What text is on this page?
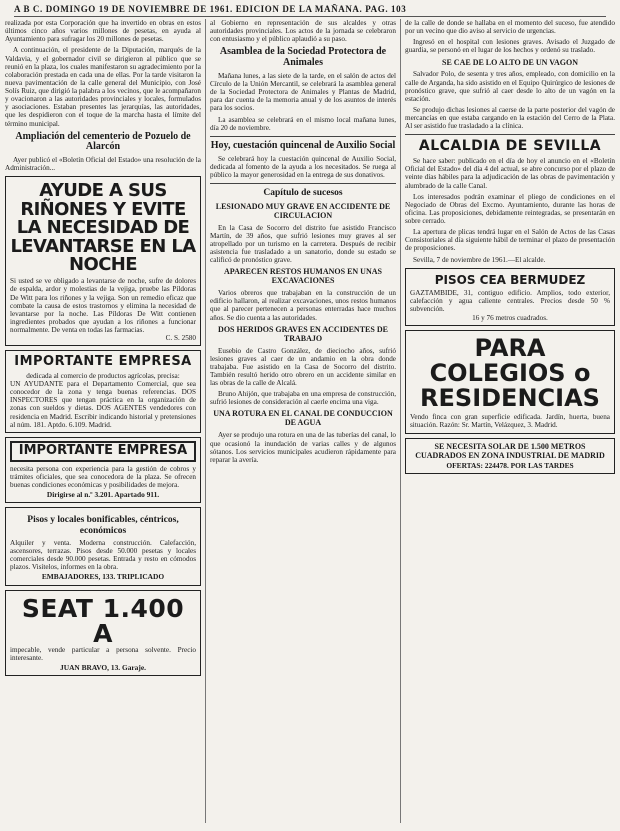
A B C. DOMINGO 19 DE NOVIEMBRE DE 1961. EDICION DE LA MAÑANA. PAG. 103

realizada por esta Corporación que ha invertido en obras en estos últimos cinco años varios millones de pesetas, en ayuda al Ayuntamiento para sufragar los 20 millones de pesetas.

A continuación, el presidente de la Diputación, marqués de la Valdavia, y el gobernador civil se dirigieron al público que se reunió en la plaza, los cuales manifestaron su agradecimiento por la colaboración prestada en cada una de ellas. Por la tarde visitaron la nueva pavimentación de la calle general del Municipio, con José Solís Ruiz, que dirigió la palabra a los vecinos, que le acompañaron y ovacionaron a las autoridades provinciales y locales, formulados y asociaciones. Estaban presentes las jerarquías, las autoridades, que les despidieron con el toque de la marcha hasta el límite del término municipal.

Ampliación del cementerio de Pozuelo de Alarcón

Ayer publicó el «Boletín Oficial del Estado» una resolución de la Administración...

AYUDE A SUS RIÑONES Y EVITE LA NECESIDAD DE LEVANTARSE EN LA NOCHE
Si usted se ve obligado a levantarse de noche, sufre de dolores de espalda, ardor y molestias de la vejiga, pruebe las Píldoras De Witt para los riñones y la vejiga. Son un remedio eficaz que combate la causa de estos trastornos y elimina la necesidad de levantarse por la noche. Las Píldoras De Witt contienen ingredientes probados que ayudan a los riñones a funcionar normalmente. De venta en todas las farmacias.
C. S. 2580
IMPORTANTE EMPRESA
dedicada al comercio de productos agrícolas, precisa:
UN AYUDANTE para el Departamento Comercial, que sea conocedor de la zona y tenga buenas referencias. DOS INSPECTORES que tengan práctica en la organización de zonas con sueldos y dietas. DOS AGENTES vendedores con residencia en Madrid. Escribir indicando historial y pretensiones al núm. 181. Aptdo. 6.109. Madrid.
IMPORTANTE EMPRESA
necesita persona con experiencia para la gestión de cobros y trámites oficiales, que sea conocedora de la plaza. Se ofrecen buenas condiciones económicas y posibilidades de mejora.
Dirigirse al n.º 3.201. Apartado 911.
Pisos y locales bonificables, céntricos, económicos
Alquiler y venta. Moderna construcción. Calefacción, ascensores, terrazas. Pisos desde 50.000 pesetas y locales comerciales desde 90.000 pesetas. Entrada y resto en cómodos plazos. Visítelos, informes en la obra.
EMBAJADORES, 133. TRIPLICADO
SEAT 1.400 A
impecable, vende particular a persona solvente. Precio interesante.
JUAN BRAVO, 13. Garaje.

al Gobierno en representación de sus alcaldes y otras autoridades provinciales. Los actos de la jornada se celebraron con entusiasmo y el público aplaudió a su paso.

Asamblea de la Sociedad Protectora de Animales

Mañana lunes, a las siete de la tarde, en el salón de actos del Círculo de la Unión Mercantil, se celebrará la asamblea general de la Sociedad Protectora de Animales y Plantas de Madrid, para dar cuenta de la memoria anual y de los asuntos de interés para los socios.

La asamblea se celebrará en el mismo local mañana lunes, día 20 de noviembre.

Hoy, cuestación quincenal de Auxilio Social

Se celebrará hoy la cuestación quincenal de Auxilio Social, dedicada al fomento de la ayuda a los necesitados. Se ruega al público la mayor generosidad en la entrega de sus donativos.

Capítulo de sucesos
LESIONADO MUY GRAVE EN ACCIDENTE DE CIRCULACION

En la Casa de Socorro del distrito fue asistido Francisco Martín, de 39 años, que sufrió lesiones muy graves al ser atropellado por un turismo en la carretera. Después de recibir asistencia fue trasladado a un sanatorio, donde su estado se calificó de pronóstico grave.

APARECEN RESTOS HUMANOS EN UNAS EXCAVACIONES

Varios obreros que trabajaban en la construcción de un edificio hallaron, al realizar excavaciones, unos restos humanos que al parecer pertenecen a personas enterradas hace muchos años. Se dio cuenta a las autoridades.

DOS HERIDOS GRAVES EN ACCIDENTES DE TRABAJO

Eusebio de Castro González, de dieciocho años, sufrió lesiones graves al caer de un andamio en la obra donde trabajaba. Fue asistido en la Casa de Socorro del distrito. También resultó herido otro obrero en un accidente similar en las obras de la calle de Alcalá.

Bruno Ahijón, que trabajaba en una empresa de construcción, sufrió lesiones de consideración al caerle encima una viga.

UNA ROTURA EN EL CANAL DE CONDUCCION DE AGUA

Ayer se produjo una rotura en una de las tuberías del canal, lo que ocasionó la inundación de varias calles y de algunos sótanos. Los servicios municipales acudieron rápidamente para reparar la avería.

de la calle de donde se hallaba en el momento del suceso, fue atendido por un vecino que dio aviso al servicio de urgencias.

Ingresó en el hospital con lesiones graves. Avisado el Juzgado de guardia, se personó en el lugar de los hechos y ordenó su traslado.

SE CAE DE LO ALTO DE UN VAGON

Salvador Polo, de sesenta y tres años, empleado, con domicilio en la calle de Arganda, ha sido asistido en el Equipo Quirúrgico de lesiones de pronóstico grave, que sufrió al caer desde lo alto de un vagón en la estación.

Se produjo dichas lesiones al caerse de la parte posterior del vagón de mercancías en que estaba cargando en la estación del Cerro de la Plata. Al ser asistido fue trasladado a la clínica.

ALCALDIA DE SEVILLA

Se hace saber: publicado en el día de hoy el anuncio en el «Boletín Oficial del Estado» del día 4 del actual, se abre concurso por el plazo de veinte días hábiles para la adjudicación de las obras de pavimentación y alumbrado de la calle Canal.

Los interesados podrán examinar el pliego de condiciones en el Negociado de Obras del Excmo. Ayuntamiento, durante las horas de oficina. Las proposiciones, debidamente reintegradas, se presentarán en sobre cerrado.

La apertura de plicas tendrá lugar en el Salón de Actos de las Casas Consistoriales al día siguiente hábil de terminar el plazo de presentación de proposiciones.

Sevilla, 7 de noviembre de 1961.—El alcalde.

PISOS CEA BERMUDEZ
GAZTAMBIDE, 31, contiguo edificio. Amplios, todo exterior, calefacción y agua caliente centrales. Precios desde 50 % subvención.
16 y 76 metros cuadrados.
PARA COLEGIOS o RESIDENCIAS
Vendo finca con gran superficie edificada. Jardín, huerta, buena situación. Razón: Sr. Martín, Velázquez, 3. Madrid.
SE NECESITA SOLAR DE 1.500 METROS CUADRADOS EN ZONA INDUSTRIAL DE MADRID
OFERTAS: 224478. POR LAS TARDES
